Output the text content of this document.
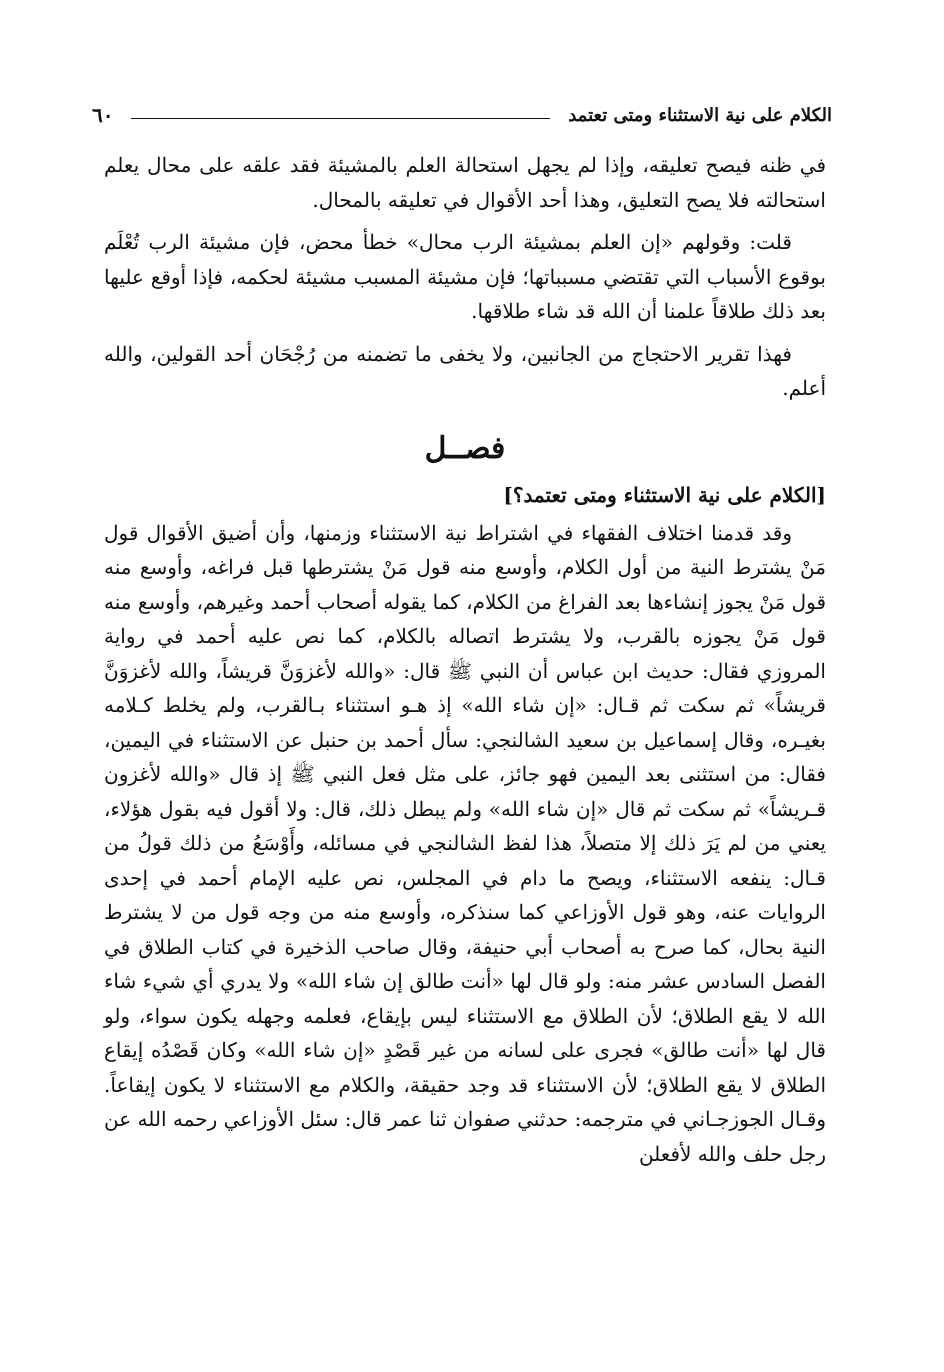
الكلام على نية الاستثناء ومتى تعتمد
٦٠

في ظنه فيصح تعليقه، وإذا لم يجهل استحالة العلم بالمشيئة فقد علقه على محال يعلم استحالته فلا يصح التعليق، وهذا أحد الأقوال في تعليقه بالمحال.

قلت: وقولهم «إن العلم بمشيئة الرب محال» خطأ محض، فإن مشيئة الرب تُعْلَم بوقوع الأسباب التي تقتضي مسبباتها؛ فإن مشيئة المسبب مشيئة لحكمه، فإذا أوقع عليها بعد ذلك طلاقاً علمنا أن الله قد شاء طلاقها.

فهذا تقرير الاحتجاج من الجانبين، ولا يخفى ما تضمنه من رُجْحَان أحد القولين، والله أعلم.

فصــل
[الكلام على نية الاستثناء ومتى تعتمد؟]

وقد قدمنا اختلاف الفقهاء في اشتراط نية الاستثناء وزمنها، وأن أضيق الأقوال قول مَنْ يشترط النية من أول الكلام، وأوسع منه قول مَنْ يشترطها قبل فراغه، وأوسع منه قول مَنْ يجوز إنشاءها بعد الفراغ من الكلام، كما يقوله أصحاب أحمد وغيرهم، وأوسع منه قول مَنْ يجوزه بالقرب، ولا يشترط اتصاله بالكلام، كما نص عليه أحمد في رواية المروزي فقال: حديث ابن عباس أن النبي ﷺ قال: «والله لأغزوَنَّ قريشاً، والله لأغزوَنَّ قريشاً» ثم سكت ثم قـال: «إن شاء الله» إذ هـو استثناء بـالقرب، ولم يخلط كـلامه بغيـره، وقال إسماعيل بن سعيد الشالنجي: سأل أحمد بن حنبل عن الاستثناء في اليمين، فقال: من استثنى بعد اليمين فهو جائز، على مثل فعل النبي ﷺ إذ قال «والله لأغزون قـريشاً» ثم سكت ثم قال «إن شاء الله» ولم يبطل ذلك، قال: ولا أقول فيه بقول هؤلاء، يعني من لم يَرَ ذلك إلا متصلاً، هذا لفظ الشالنجي في مسائله، وأَوْسَعُ من ذلك قولُ من قـال: ينفعه الاستثناء، ويصح ما دام في المجلس، نص عليه الإمام أحمد في إحدى الروايات عنه، وهو قول الأوزاعي كما سنذكره، وأوسع منه من وجه قول من لا يشترط النية بحال، كما صرح به أصحاب أبي حنيفة، وقال صاحب الذخيرة في كتاب الطلاق في الفصل السادس عشر منه: ولو قال لها «أنت طالق إن شاء الله» ولا يدري أي شيء شاء الله لا يقع الطلاق؛ لأن الطلاق مع الاستثناء ليس بإيقاع، فعلمه وجهله يكون سواء، ولو قال لها «أنت طالق» فجرى على لسانه من غير قَصْدٍ «إن شاء الله» وكان قَصْدُه إيقاع الطلاق لا يقع الطلاق؛ لأن الاستثناء قد وجد حقيقة، والكلام مع الاستثناء لا يكون إيقاعاً. وقـال الجوزجـاني في مترجمه: حدثني صفوان ثنا عمر قال: سئل الأوزاعي رحمه الله عن رجل حلف والله لأفعلن
